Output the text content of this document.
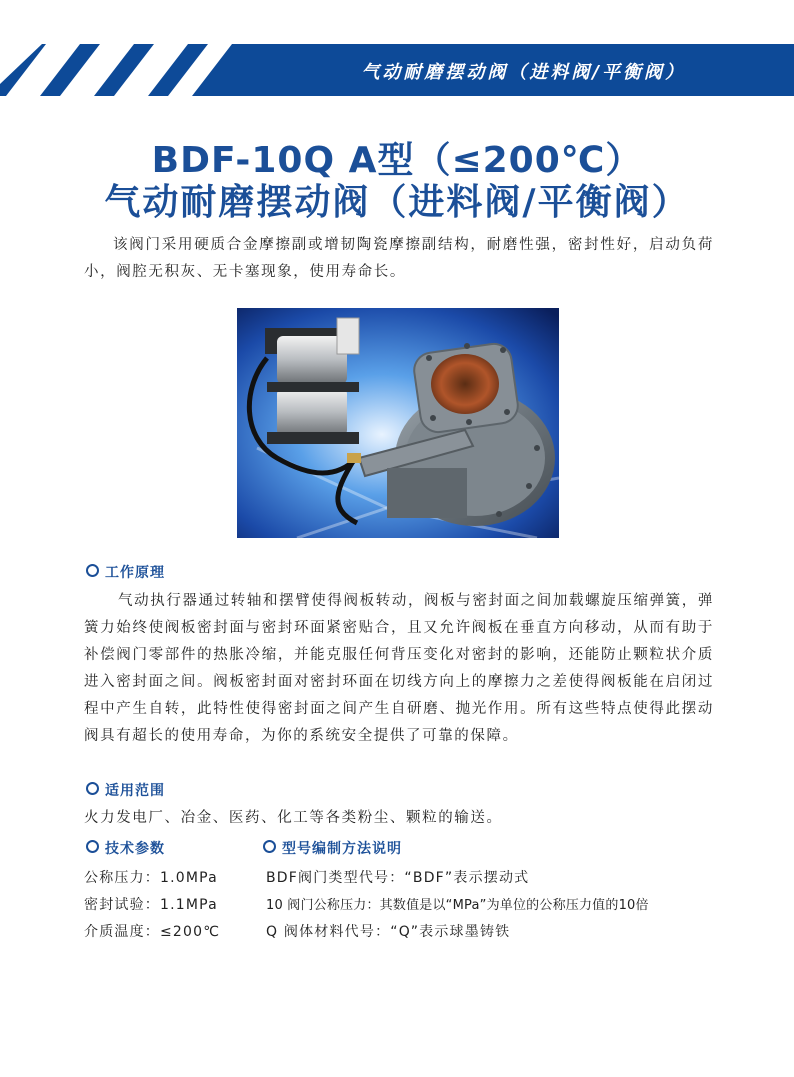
气动耐磨摆动阀（进料阀/平衡阀）
BDF-10Q A型（≤200℃）
气动耐磨摆动阀（进料阀/平衡阀）
该阀门采用硬质合金摩擦副或增韧陶瓷摩擦副结构，耐磨性强，密封性好，启动负荷小，阀腔无积灰、无卡塞现象，使用寿命长。
工作原理
气动执行器通过转轴和摆臂使得阀板转动，阀板与密封面之间加载螺旋压缩弹簧，弹簧力始终使阀板密封面与密封环面紧密贴合，且又允许阀板在垂直方向移动，从而有助于补偿阀门零部件的热胀冷缩，并能克服任何背压变化对密封的影响，还能防止颗粒状介质进入密封面之间。阀板密封面对密封环面在切线方向上的摩擦力之差使得阀板能在启闭过程中产生自转，此特性使得密封面之间产生自研磨、抛光作用。所有这些特点使得此摆动阀具有超长的使用寿命，为你的系统安全提供了可靠的保障。
适用范围
火力发电厂、冶金、医药、化工等各类粉尘、颗粒的输送。
技术参数	型号编制方法说明
公称压力：1.0MPa
密封试验：1.1MPa
介质温度：≤200℃
BDF阀门类型代号：“BDF”表示摆动式
10 阀门公称压力：其数值是以“MPa”为单位的公称压力值的10倍
Q 阀体材料代号：“Q”表示球墨铸铁
